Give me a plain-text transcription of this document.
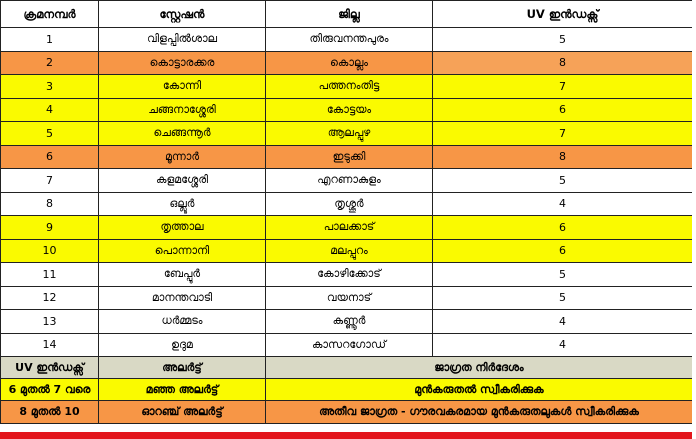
ക്രമനമ്പർ	സ്റ്റേഷൻ	ജില്ല	UV ഇൻഡക്സ്
1	വിളപ്പിൽശാല	തിരുവനന്തപുരം	5
2	കൊട്ടാരക്കര	കൊല്ലം	8
3	കോന്നി	പത്തനംതിട്ട	7
4	ചങ്ങനാശ്ശേരി	കോട്ടയം	6
5	ചെങ്ങന്നൂർ	ആലപ്പുഴ	7
6	മൂന്നാർ	ഇടുക്കി	8
7	കളമശ്ശേരി	എറണാകുളം	5
8	ഒല്ലൂർ	തൃശ്ശൂർ	4
9	തൃത്താല	പാലക്കാട്	6
10	പൊന്നാനി	മലപ്പുറം	6
11	ബേപ്പൂർ	കോഴിക്കോട്	5
12	മാനന്തവാടി	വയനാട്	5
13	ധർമ്മടം	കണ്ണൂർ	4
14	ഉദുമ	കാസറഗോഡ്	4
UV ഇൻഡക്സ്	അലർട്ട്	ജാഗ്രത നിർദേശം	
6 മുതൽ 7 വരെ	മഞ്ഞ അലർട്ട്	മുൻകരുതൽ സ്വീകരിക്കുക	
8 മുതൽ 10	ഓറഞ്ച് അലർട്ട്	അതീവ ജാഗ്രത - ഗൗരവകരമായ മുൻകരുതലുകൾ സ്വീകരിക്കുക	
